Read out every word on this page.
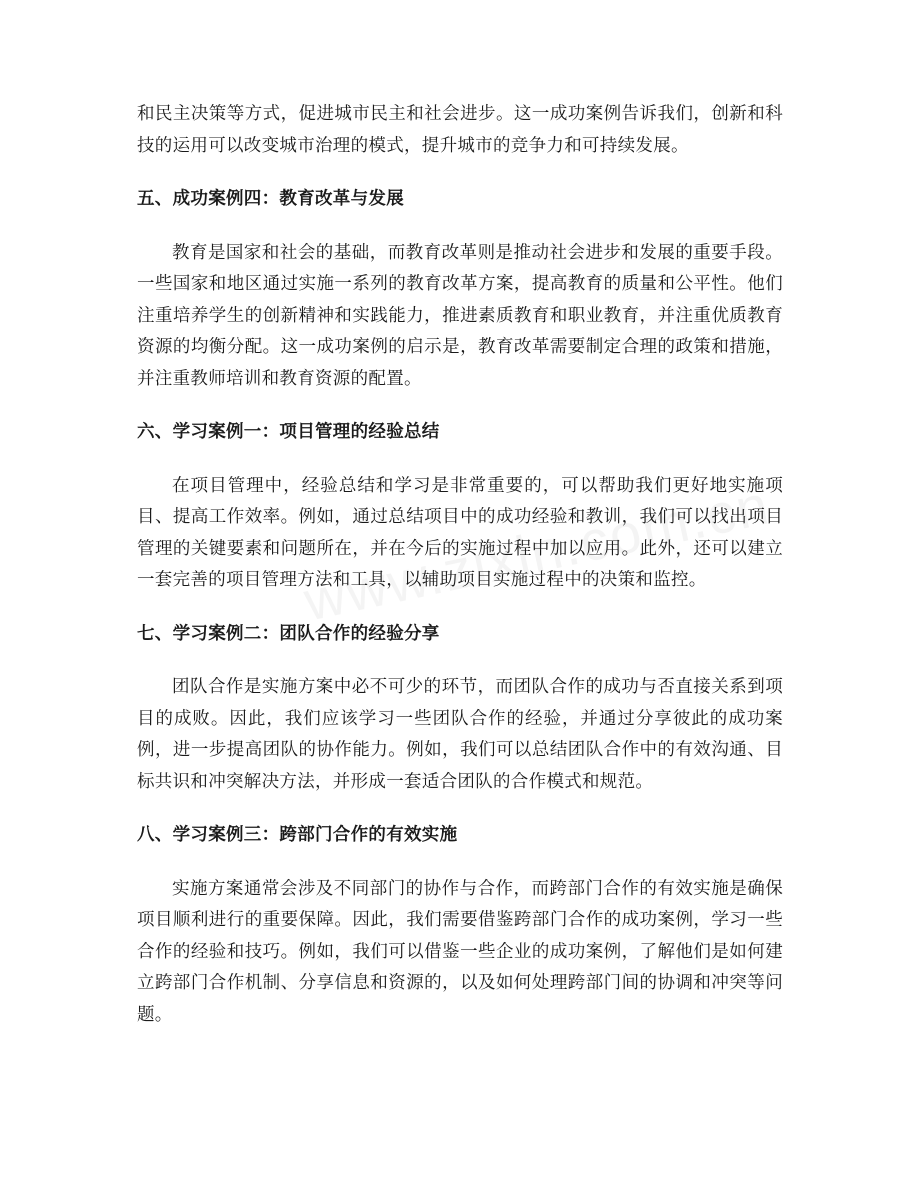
和民主决策等方式，促进城市民主和社会进步。这一成功案例告诉我们，创新和科技的运用可以改变城市治理的模式，提升城市的竞争力和可持续发展。

五、成功案例四：教育改革与发展

教育是国家和社会的基础，而教育改革则是推动社会进步和发展的重要手段。一些国家和地区通过实施一系列的教育改革方案，提高教育的质量和公平性。他们注重培养学生的创新精神和实践能力，推进素质教育和职业教育，并注重优质教育资源的均衡分配。这一成功案例的启示是，教育改革需要制定合理的政策和措施，并注重教师培训和教育资源的配置。

六、学习案例一：项目管理的经验总结

在项目管理中，经验总结和学习是非常重要的，可以帮助我们更好地实施项目、提高工作效率。例如，通过总结项目中的成功经验和教训，我们可以找出项目管理的关键要素和问题所在，并在今后的实施过程中加以应用。此外，还可以建立一套完善的项目管理方法和工具，以辅助项目实施过程中的决策和监控。

七、学习案例二：团队合作的经验分享

团队合作是实施方案中必不可少的环节，而团队合作的成功与否直接关系到项目的成败。因此，我们应该学习一些团队合作的经验，并通过分享彼此的成功案例，进一步提高团队的协作能力。例如，我们可以总结团队合作中的有效沟通、目标共识和冲突解决方法，并形成一套适合团队的合作模式和规范。

八、学习案例三：跨部门合作的有效实施

实施方案通常会涉及不同部门的协作与合作，而跨部门合作的有效实施是确保项目顺利进行的重要保障。因此，我们需要借鉴跨部门合作的成功案例，学习一些合作的经验和技巧。例如，我们可以借鉴一些企业的成功案例，了解他们是如何建立跨部门合作机制、分享信息和资源的，以及如何处理跨部门间的协调和冲突等问题。
